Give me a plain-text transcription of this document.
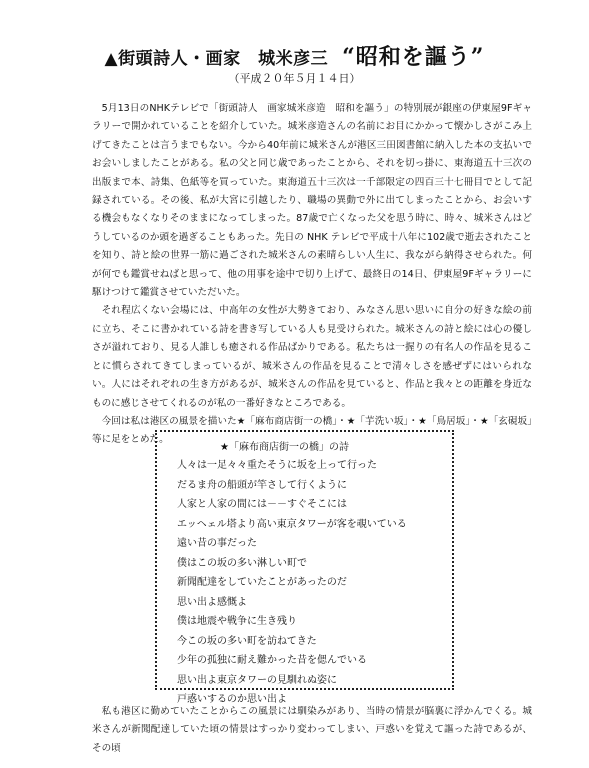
▲街頭詩人・画家　城米彦三 “昭和を謳う”
（平成２０年５月１４日）

5月13日のNHKテレビで「街頭詩人　画家城米彦造　昭和を謳う」の特別展が銀座の伊東屋9Fギャラリーで開かれていることを紹介していた。城米彦造さんの名前にお目にかかって懐かしさがこみ上げてきたことは言うまでもない。今から40年前に城米さんが港区三田図書館に納入した本の支払いでお会いしましたことがある。私の父と同じ歳であったことから、それを切っ掛に、東海道五十三次の出版まで本、詩集、色紙等を買っていた。東海道五十三次は一千部限定の四百三十七冊目でとして記録されている。その後、私が大宮に引越したり、職場の異動で外に出てしまったことから、お会いする機会もなくなりそのままになってしまった。87歳で亡くなった父を思う時に、時々、城米さんはどうしているのか頭を過ぎることもあった。先日の NHK テレビで平成十八年に102歳で逝去されたことを知り、詩と絵の世界一筋に過ごされた城米さんの素晴らしい人生に、我ながら納得させられた。何が何でも鑑賞せねばと思って、他の用事を途中で切り上げて、最終日の14日、伊東屋9Fギャラリーに駆けつけて鑑賞させていただいた。

それ程広くない会場には、中高年の女性が大勢きており、みなさん思い思いに自分の好きな絵の前に立ち、そこに書かれている詩を書き写している人も見受けられた。城米さんの詩と絵には心の優しさが溢れており、見る人誰しも癒される作品ばかりである。私たちは一握りの有名人の作品を見ることに慣らされてきてしまっているが、城米さんの作品を見ることで清々しさを感ぜずにはいられない。人にはそれぞれの生き方があるが、城米さんの作品を見ていると、作品と我々との距離を身近なものに感じさせてくれるのが私の一番好きなところである。

今回は私は港区の風景を描いた★「麻布商店街一の橋」・★「芋洗い坂」・★「鳥居坂」・★「玄硯坂」等に足をとめた。

★「麻布商店街一の橋」の詩
人々は一足々々重たそうに坂を上って行った
だるま舟の船頭が竿さして行くように
人家と人家の間には－－すぐそこには
エッヘェル塔より高い東京タワーが客を覗いている
遠い昔の事だった
僕はこの坂の多い淋しい町で
新聞配達をしていたことがあったのだ
思い出よ感慨よ
僕は地震や戦争に生き残り
今この坂の多い町を訪ねてきた
少年の孤独に耐え難かった昔を偲んでいる
思い出よ東京タワーの見馴れぬ姿に
戸惑いするのか思い出よ

私も港区に勤めていたことからこの風景には馴染みがあり、当時の情景が脳裏に浮かんでくる。城米さんが新聞配達していた頃の情景はすっかり変わってしまい、戸惑いを覚えて謳った詩であるが、その頃
